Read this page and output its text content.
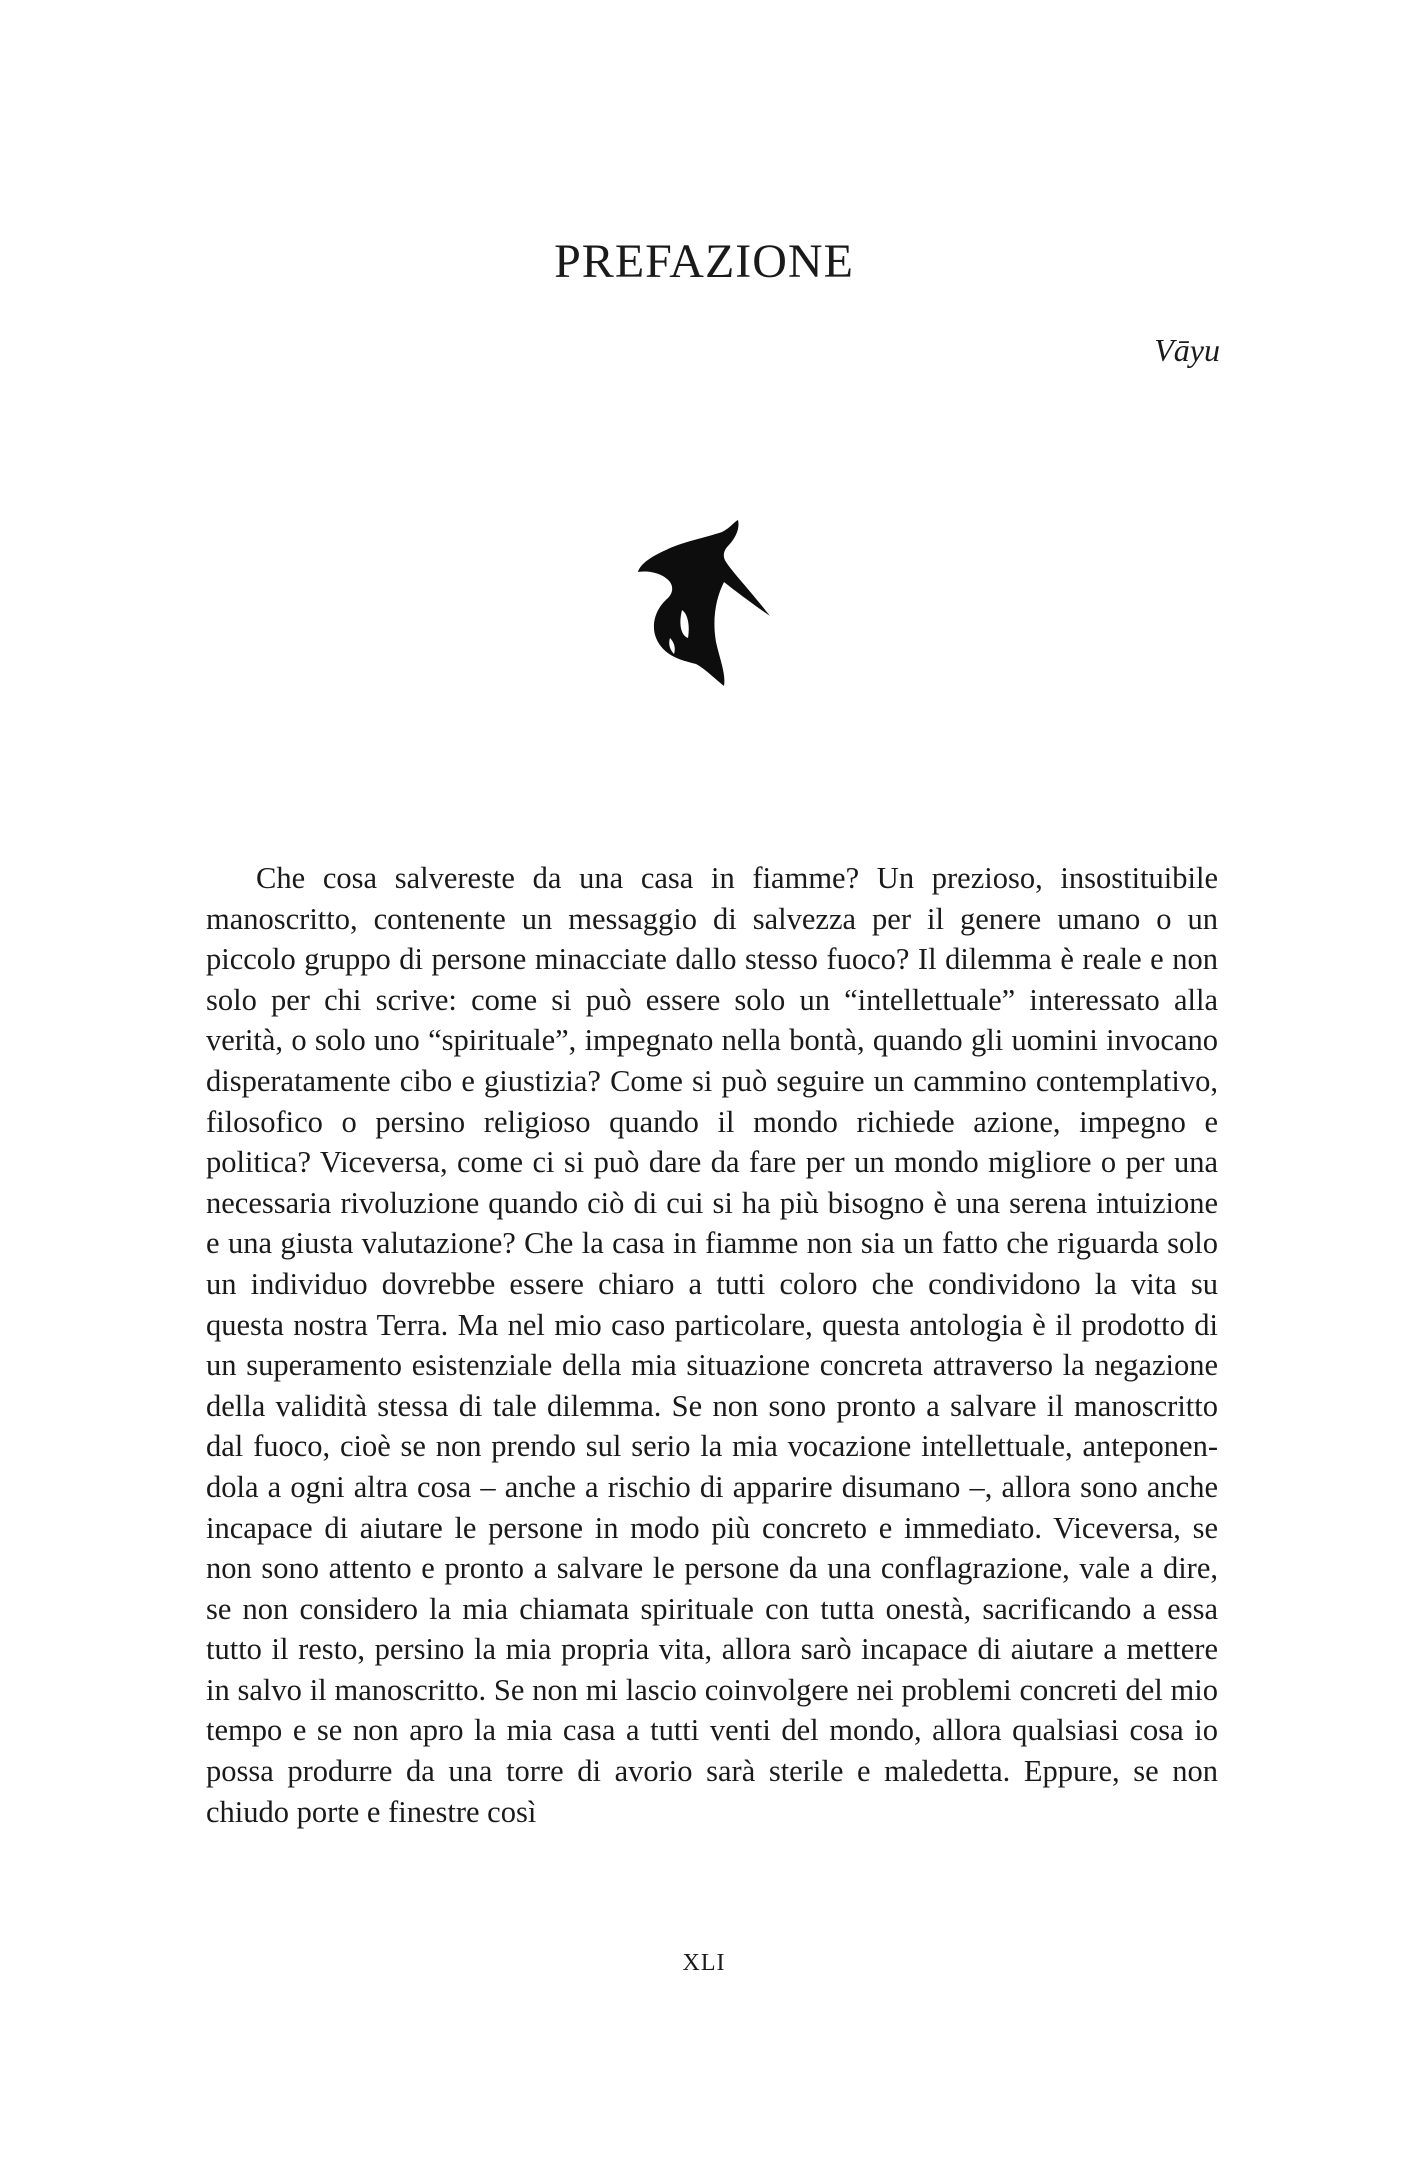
PREFAZIONE

Vāyu

Che cosa salvereste da una casa in fiamme? Un prezioso, insostituibile manoscritto, contenente un messaggio di salvezza per il genere umano o un piccolo gruppo di persone minacciate dallo stesso fuoco? Il dilemma è reale e non solo per chi scrive: come si può essere solo un “intellettuale” interessato alla verità, o solo uno “spirituale”, impegnato nella bontà, quando gli uomini invocano disperatamente cibo e giustizia? Come si può seguire un cammino contemplativo, filosofico o persino religioso quando il mondo richiede azione, impegno e politica? Viceversa, come ci si può dare da fare per un mondo migliore o per una necessaria rivoluzione quando ciò di cui si ha più bisogno è una serena intuizione e una giusta valutazione? Che la casa in fiamme non sia un fatto che riguarda solo un individuo dovrebbe essere chiaro a tutti coloro che condividono la vita su questa nostra Terra. Ma nel mio caso particolare, questa antologia è il prodotto di un superamento esistenziale della mia situazione concreta attraverso la negazione della validità stessa di tale dilemma. Se non sono pronto a salvare il manoscritto dal fuoco, cioè se non prendo sul serio la mia vocazione intellettuale, anteponendola a ogni altra cosa – anche a rischio di apparire disumano –, allora sono anche incapace di aiutare le persone in modo più concreto e immediato. Viceversa, se non sono attento e pronto a salvare le persone da una conflagrazione, vale a dire, se non considero la mia chiamata spirituale con tutta onestà, sacrificando a essa tutto il resto, persino la mia propria vita, allora sarò incapace di aiutare a mettere in salvo il manoscritto. Se non mi lascio coinvolgere nei problemi concreti del mio tempo e se non apro la mia casa a tutti venti del mondo, allora qualsiasi cosa io possa produrre da una torre di avorio sarà sterile e maledetta. Eppure, se non chiudo porte e finestre così

XLI
